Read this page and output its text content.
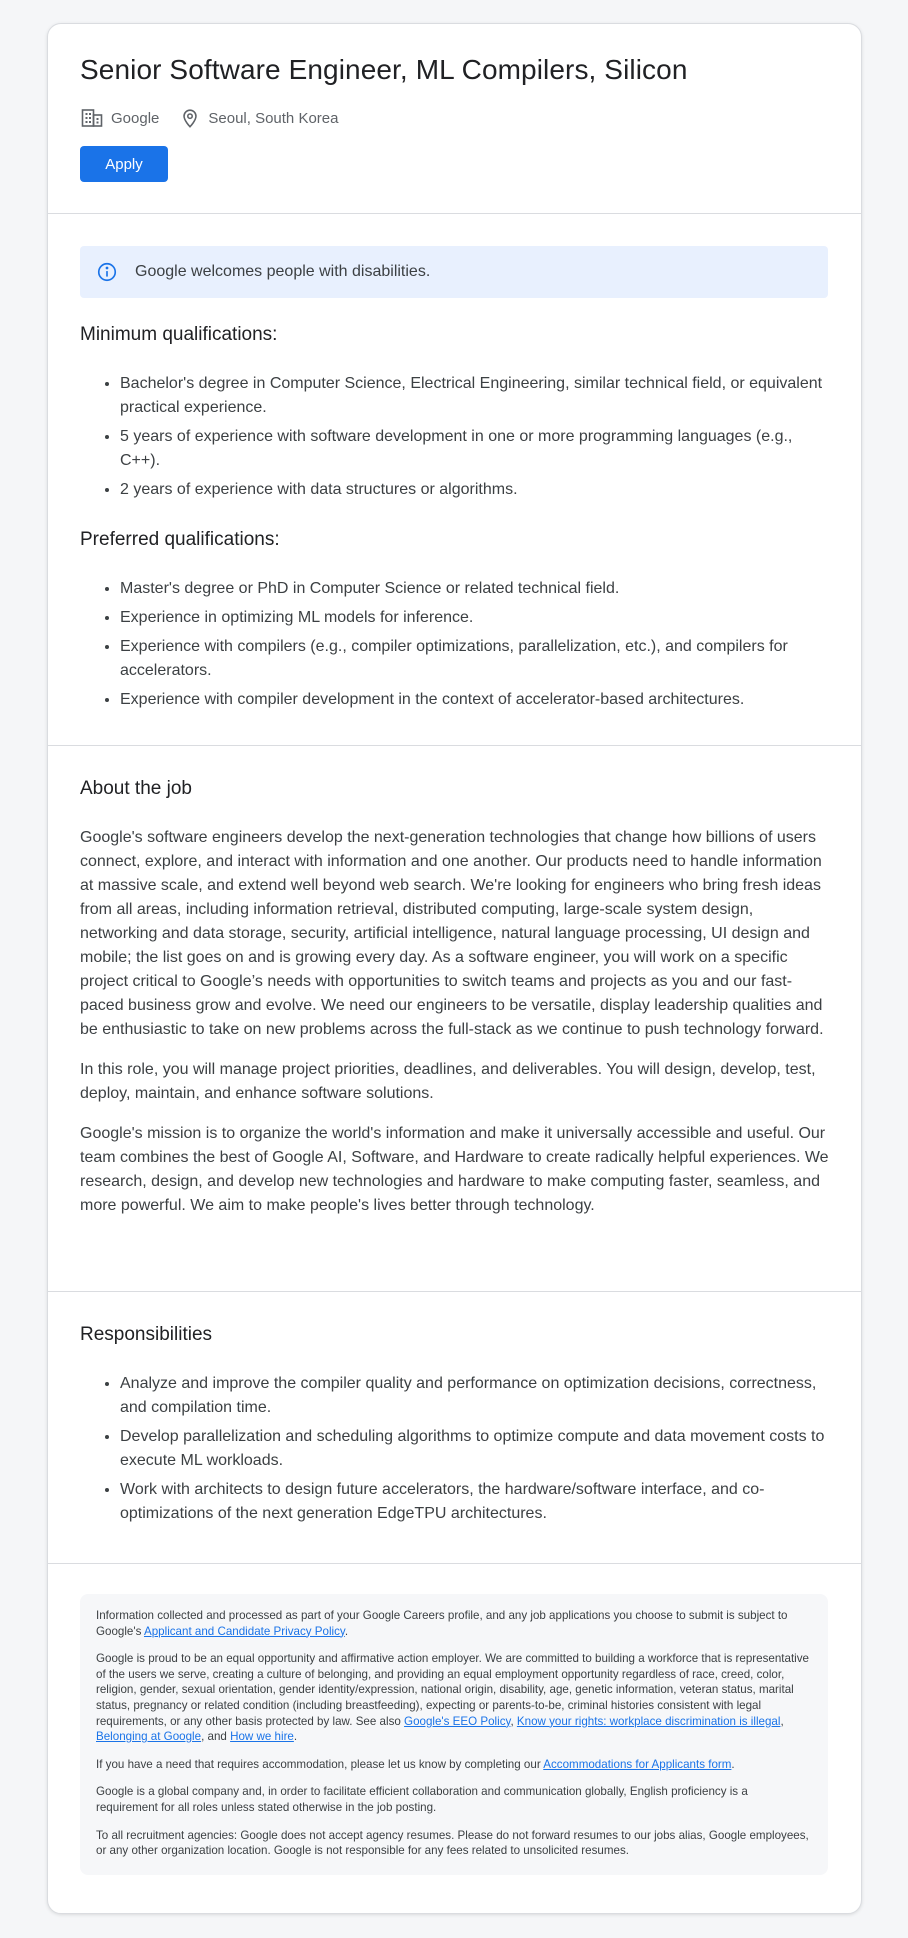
Senior Software Engineer, ML Compilers, Silicon
Google	Seoul, South Korea
Apply
Google welcomes people with disabilities.
Minimum qualifications:
• Bachelor's degree in Computer Science, Electrical Engineering, similar technical field, or equivalent practical experience.
• 5 years of experience with software development in one or more programming languages (e.g., C++).
• 2 years of experience with data structures or algorithms.
Preferred qualifications:
• Master's degree or PhD in Computer Science or related technical field.
• Experience in optimizing ML models for inference.
• Experience with compilers (e.g., compiler optimizations, parallelization, etc.), and compilers for accelerators.
• Experience with compiler development in the context of accelerator-based architectures.
About the job

Google's software engineers develop the next-generation technologies that change how billions of users connect, explore, and interact with information and one another. Our products need to handle information at massive scale, and extend well beyond web search. We're looking for engineers who bring fresh ideas from all areas, including information retrieval, distributed computing, large-scale system design, networking and data storage, security, artificial intelligence, natural language processing, UI design and mobile; the list goes on and is growing every day. As a software engineer, you will work on a specific project critical to Google’s needs with opportunities to switch teams and projects as you and our fast-paced business grow and evolve. We need our engineers to be versatile, display leadership qualities and be enthusiastic to take on new problems across the full-stack as we continue to push technology forward.

In this role, you will manage project priorities, deadlines, and deliverables. You will design, develop, test, deploy, maintain, and enhance software solutions.

Google's mission is to organize the world's information and make it universally accessible and useful. Our team combines the best of Google AI, Software, and Hardware to create radically helpful experiences. We research, design, and develop new technologies and hardware to make computing faster, seamless, and more powerful. We aim to make people's lives better through technology.

Responsibilities
• Analyze and improve the compiler quality and performance on optimization decisions, correctness, and compilation time.
• Develop parallelization and scheduling algorithms to optimize compute and data movement costs to execute ML workloads.
• Work with architects to design future accelerators, the hardware/software interface, and co-optimizations of the next generation EdgeTPU architectures.

Information collected and processed as part of your Google Careers profile, and any job applications you choose to submit is subject to Google's Applicant and Candidate Privacy Policy.

Google is proud to be an equal opportunity and affirmative action employer. We are committed to building a workforce that is representative of the users we serve, creating a culture of belonging, and providing an equal employment opportunity regardless of race, creed, color, religion, gender, sexual orientation, gender identity/expression, national origin, disability, age, genetic information, veteran status, marital status, pregnancy or related condition (including breastfeeding), expecting or parents-to-be, criminal histories consistent with legal requirements, or any other basis protected by law. See also Google's EEO Policy, Know your rights: workplace discrimination is illegal, Belonging at Google, and How we hire.

If you have a need that requires accommodation, please let us know by completing our Accommodations for Applicants form.

Google is a global company and, in order to facilitate efficient collaboration and communication globally, English proficiency is a requirement for all roles unless stated otherwise in the job posting.

To all recruitment agencies: Google does not accept agency resumes. Please do not forward resumes to our jobs alias, Google employees, or any other organization location. Google is not responsible for any fees related to unsolicited resumes.
